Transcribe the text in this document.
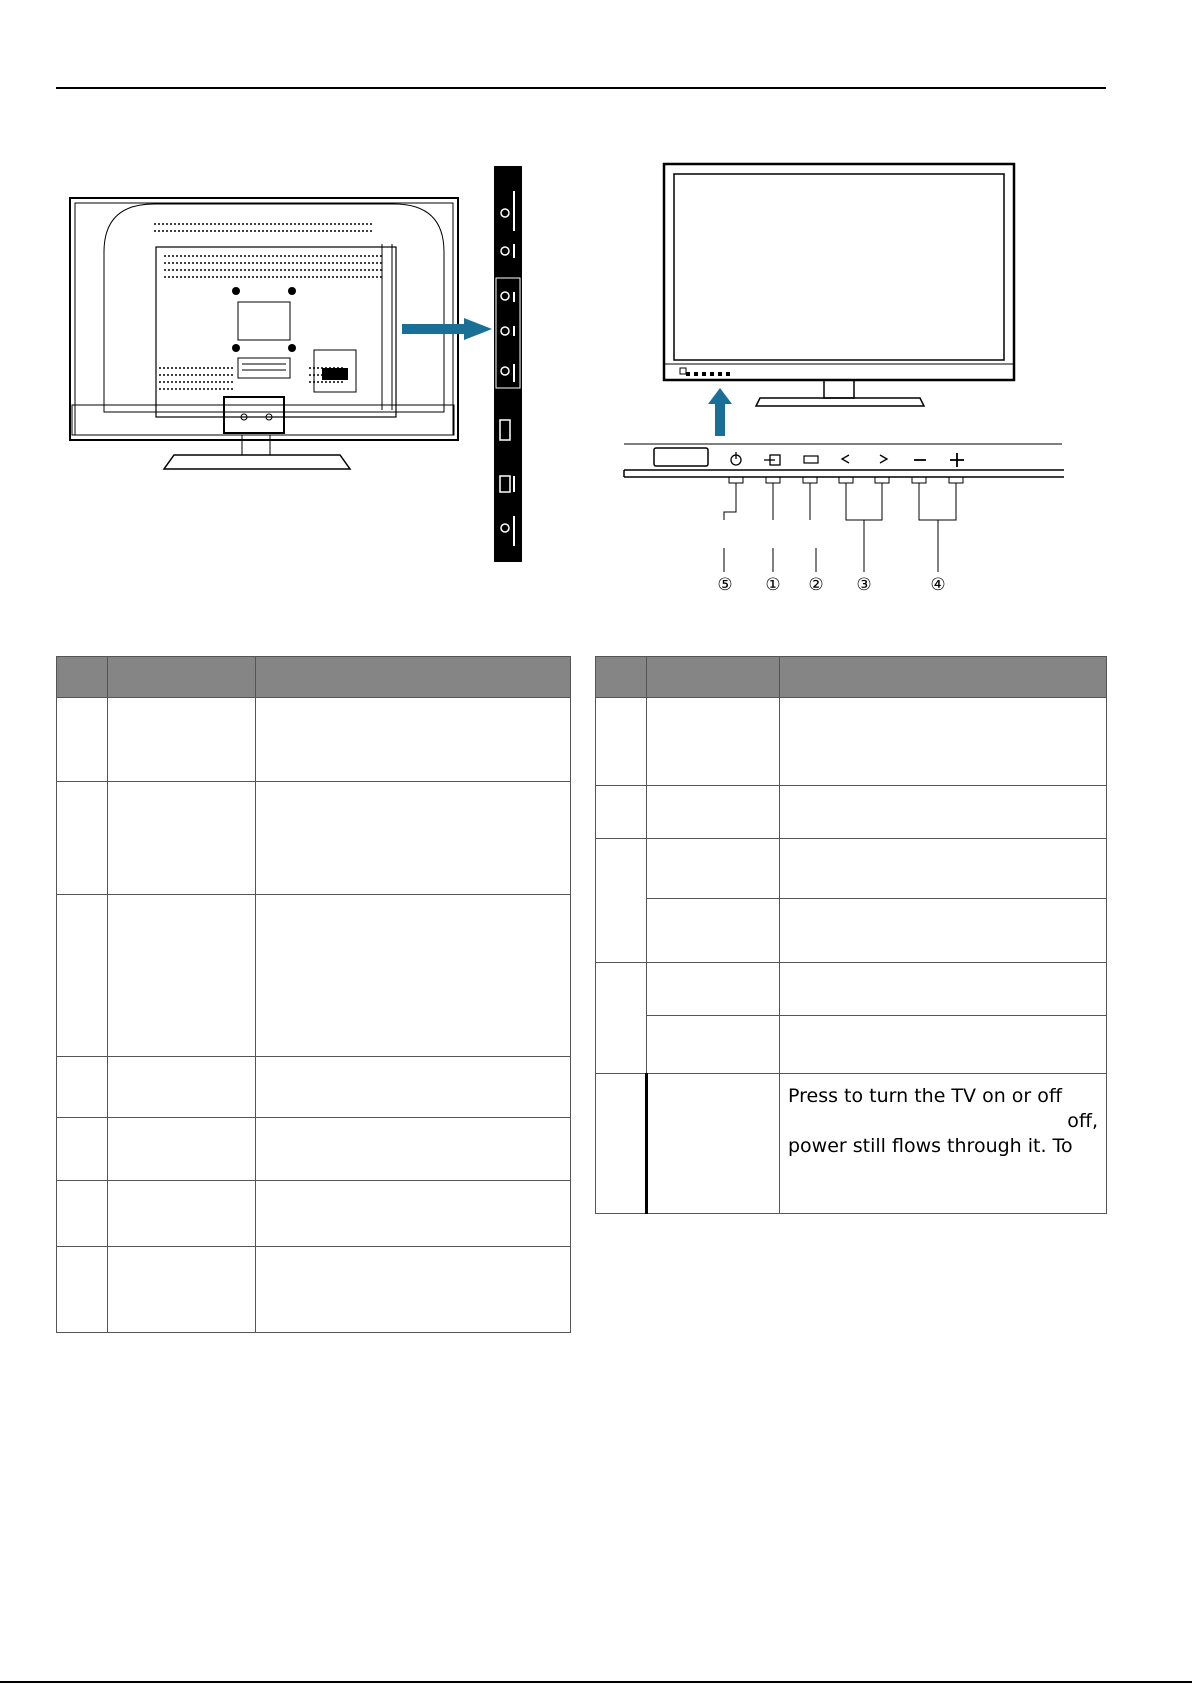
⑤	①	②	③	④

		Press to turn the TV on or off
off,
power still flows through it. To
